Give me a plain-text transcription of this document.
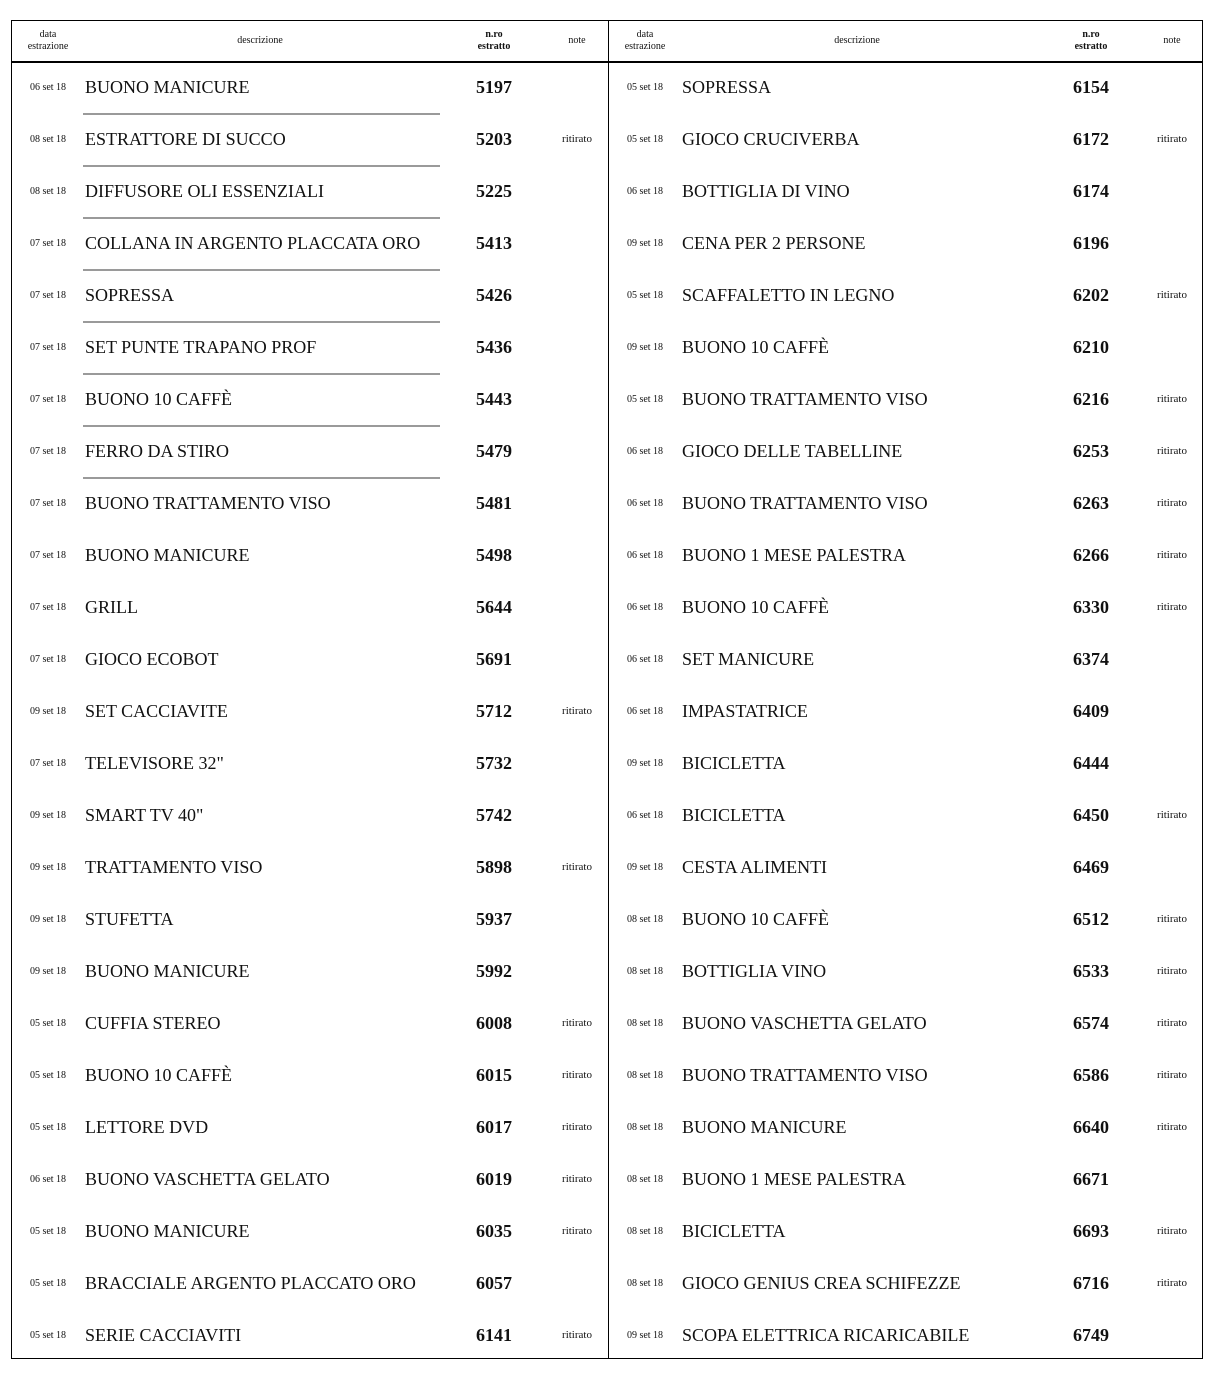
data
estrazione
descrizione
n.ro
estratto
note
06 set 18	BUONO MANICURE	5197
08 set 18	ESTRATTORE DI SUCCO	5203	ritirato
08 set 18	DIFFUSORE OLI ESSENZIALI	5225
07 set 18	COLLANA IN ARGENTO PLACCATA ORO	5413
07 set 18	SOPRESSA	5426
07 set 18	SET PUNTE TRAPANO PROF	5436
07 set 18	BUONO 10 CAFFÈ	5443
07 set 18	FERRO DA STIRO	5479
07 set 18	BUONO TRATTAMENTO VISO	5481
07 set 18	BUONO MANICURE	5498
07 set 18	GRILL	5644
07 set 18	GIOCO ECOBOT	5691
09 set 18	SET CACCIAVITE	5712	ritirato
07 set 18	TELEVISORE 32"	5732
09 set 18	SMART TV 40"	5742
09 set 18	TRATTAMENTO VISO	5898	ritirato
09 set 18	STUFETTA	5937
09 set 18	BUONO MANICURE	5992
05 set 18	CUFFIA STEREO	6008	ritirato
05 set 18	BUONO 10 CAFFÈ	6015	ritirato
05 set 18	LETTORE DVD	6017	ritirato
06 set 18	BUONO VASCHETTA GELATO	6019	ritirato
05 set 18	BUONO MANICURE	6035	ritirato
05 set 18	BRACCIALE ARGENTO PLACCATO ORO	6057
05 set 18	SERIE CACCIAVITI	6141	ritirato
data
estrazione
descrizione
n.ro
estratto
note
05 set 18	SOPRESSA	6154
05 set 18	GIOCO CRUCIVERBA	6172	ritirato
06 set 18	BOTTIGLIA DI VINO	6174
09 set 18	CENA PER 2 PERSONE	6196
05 set 18	SCAFFALETTO IN LEGNO	6202	ritirato
09 set 18	BUONO 10 CAFFÈ	6210
05 set 18	BUONO TRATTAMENTO VISO	6216	ritirato
06 set 18	GIOCO DELLE TABELLINE	6253	ritirato
06 set 18	BUONO TRATTAMENTO VISO	6263	ritirato
06 set 18	BUONO 1 MESE PALESTRA	6266	ritirato
06 set 18	BUONO 10 CAFFÈ	6330	ritirato
06 set 18	SET MANICURE	6374
06 set 18	IMPASTATRICE	6409
09 set 18	BICICLETTA	6444
06 set 18	BICICLETTA	6450	ritirato
09 set 18	CESTA ALIMENTI	6469
08 set 18	BUONO 10 CAFFÈ	6512	ritirato
08 set 18	BOTTIGLIA VINO	6533	ritirato
08 set 18	BUONO VASCHETTA GELATO	6574	ritirato
08 set 18	BUONO TRATTAMENTO VISO	6586	ritirato
08 set 18	BUONO MANICURE	6640	ritirato
08 set 18	BUONO 1 MESE PALESTRA	6671
08 set 18	BICICLETTA	6693	ritirato
08 set 18	GIOCO GENIUS CREA SCHIFEZZE	6716	ritirato
09 set 18	SCOPA ELETTRICA RICARICABILE	6749
